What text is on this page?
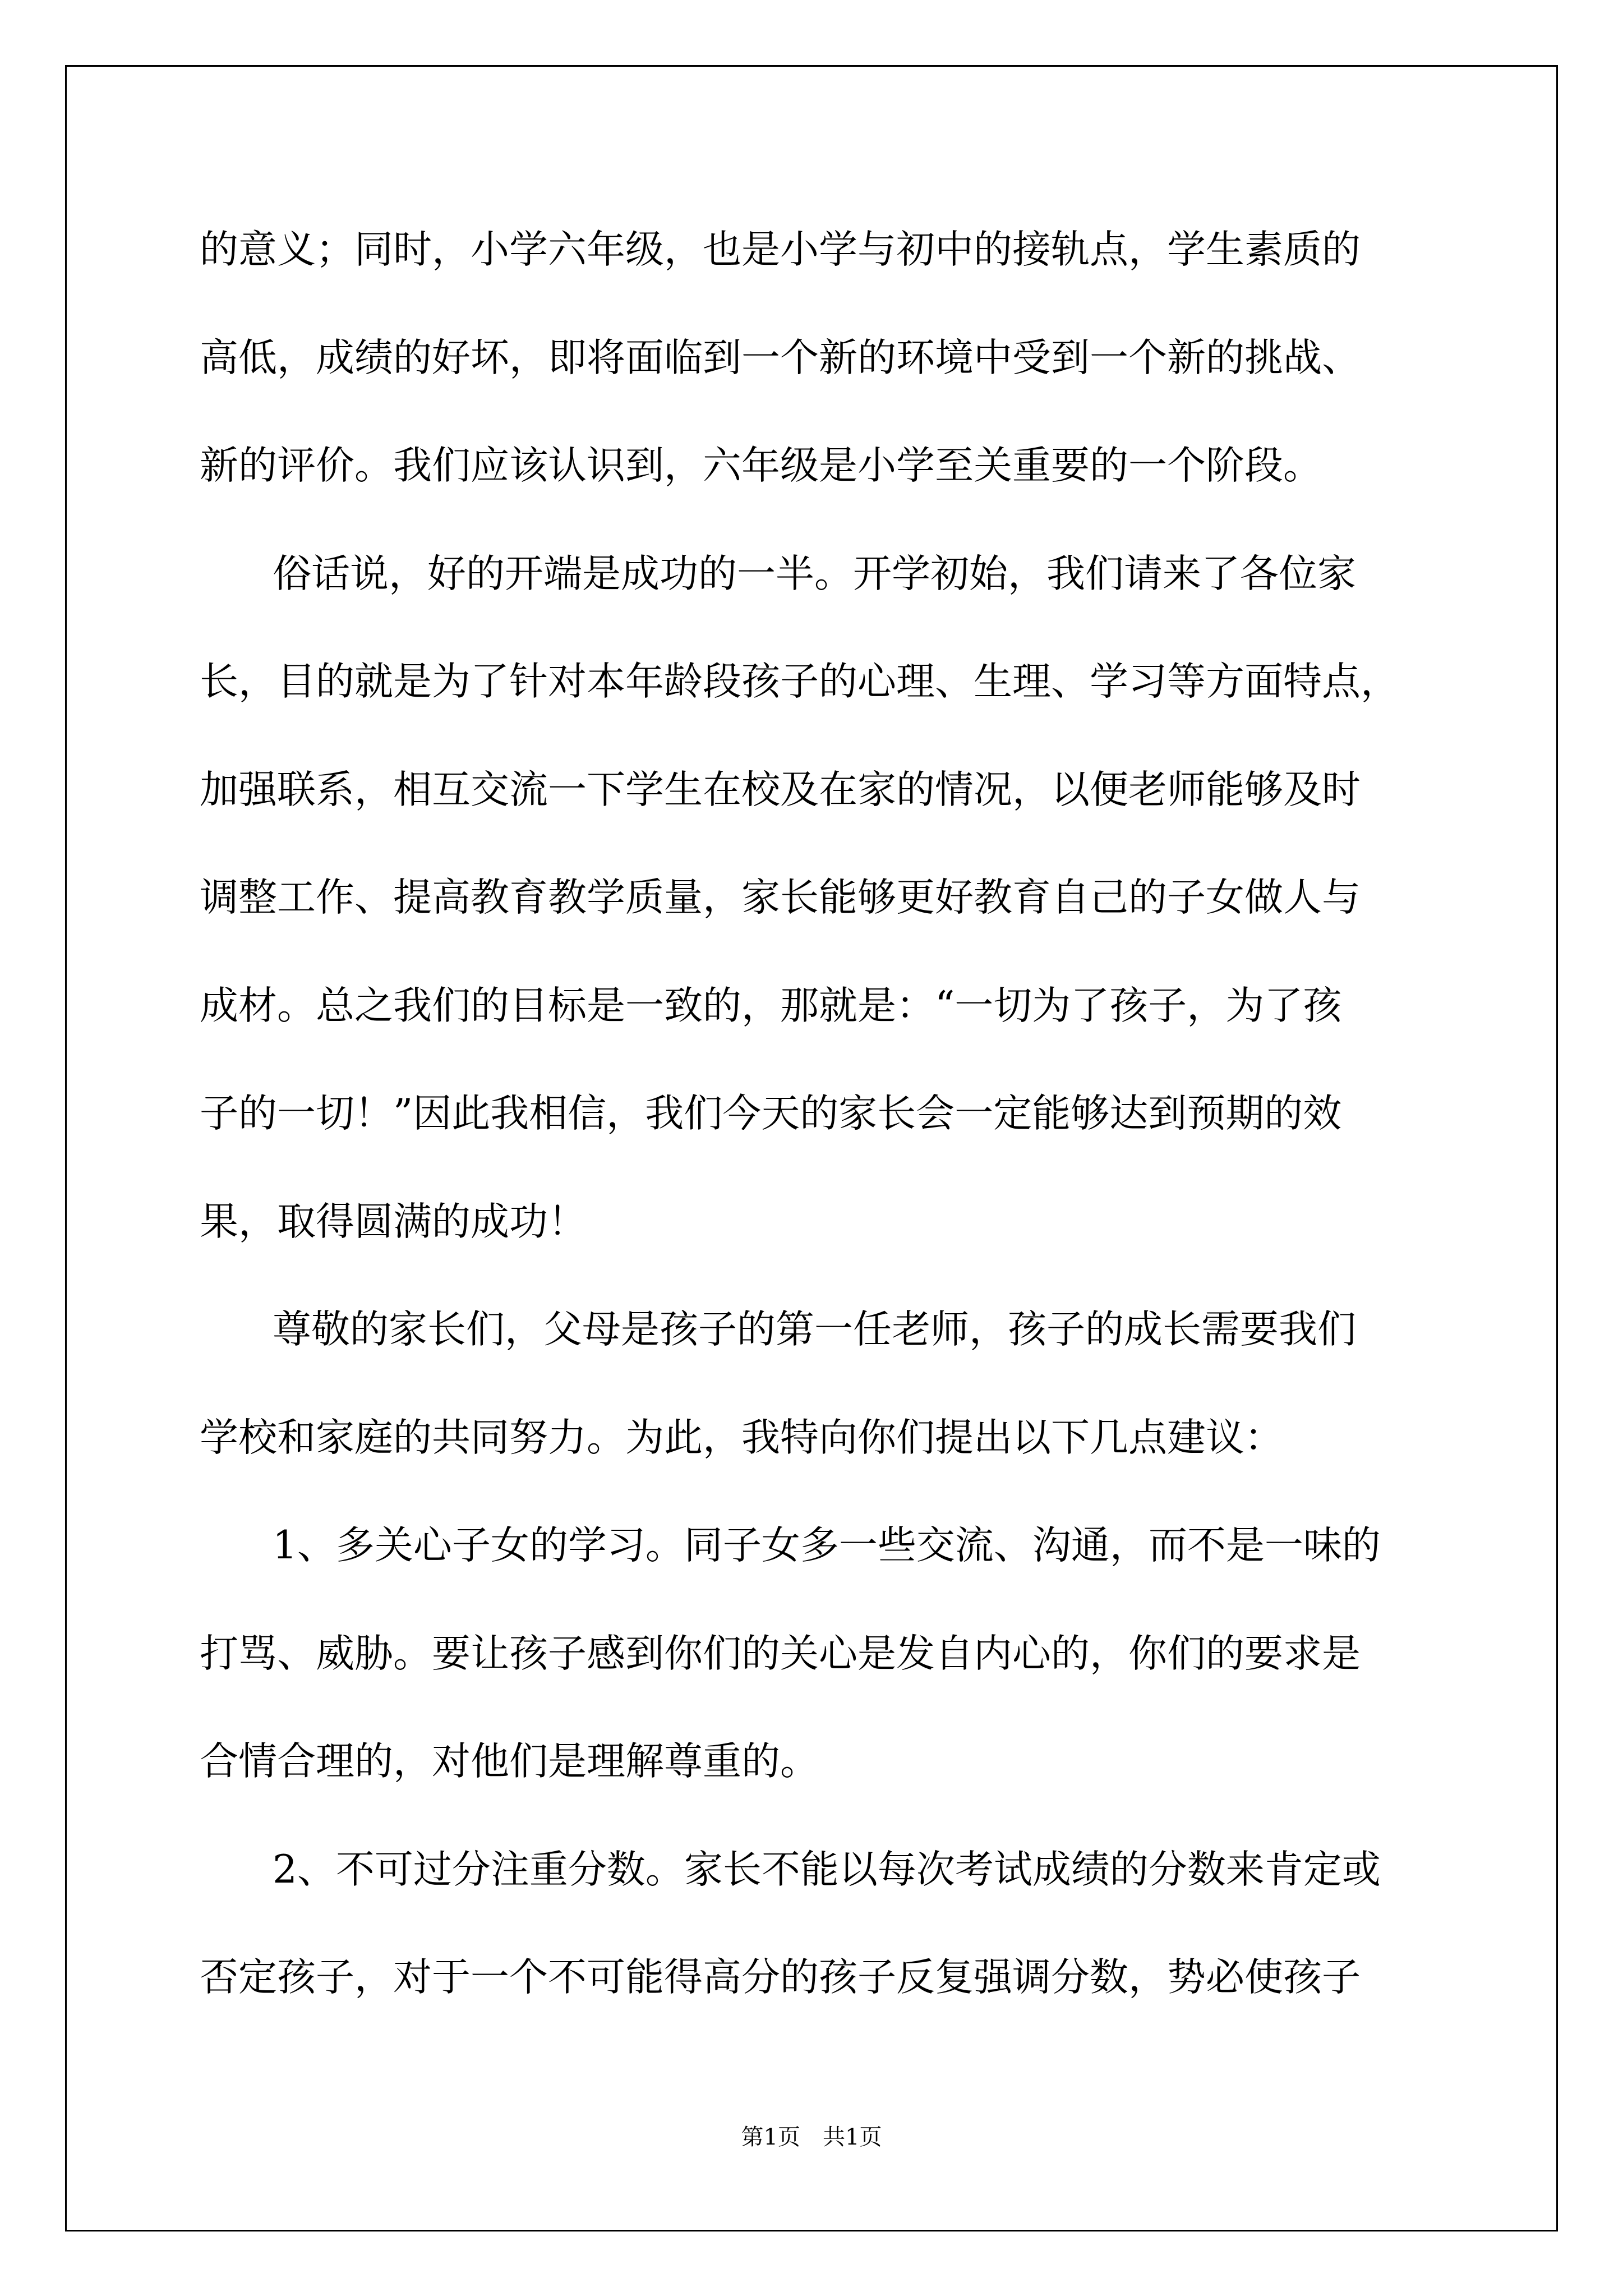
的意义；同时，小学六年级，也是小学与初中的接轨点，学生素质的
高低，成绩的好坏，即将面临到一个新的环境中受到一个新的挑战、
新的评价。我们应该认识到，六年级是小学至关重要的一个阶段。
俗话说，好的开端是成功的一半。开学初始，我们请来了各位家
长，目的就是为了针对本年龄段孩子的心理、生理、学习等方面特点，
加强联系，相互交流一下学生在校及在家的情况，以便老师能够及时
调整工作、提高教育教学质量，家长能够更好教育自己的子女做人与
成材。总之我们的目标是一致的，那就是：“一切为了孩子，为了孩
子的一切！”因此我相信，我们今天的家长会一定能够达到预期的效
果，取得圆满的成功！
尊敬的家长们，父母是孩子的第一任老师，孩子的成长需要我们
学校和家庭的共同努力。为此，我特向你们提出以下几点建议：
1、多关心子女的学习。同子女多一些交流、沟通，而不是一味的
打骂、威胁。要让孩子感到你们的关心是发自内心的，你们的要求是
合情合理的，对他们是理解尊重的。
2、不可过分注重分数。家长不能以每次考试成绩的分数来肯定或
否定孩子，对于一个不可能得高分的孩子反复强调分数，势必使孩子
第1页　共1页
